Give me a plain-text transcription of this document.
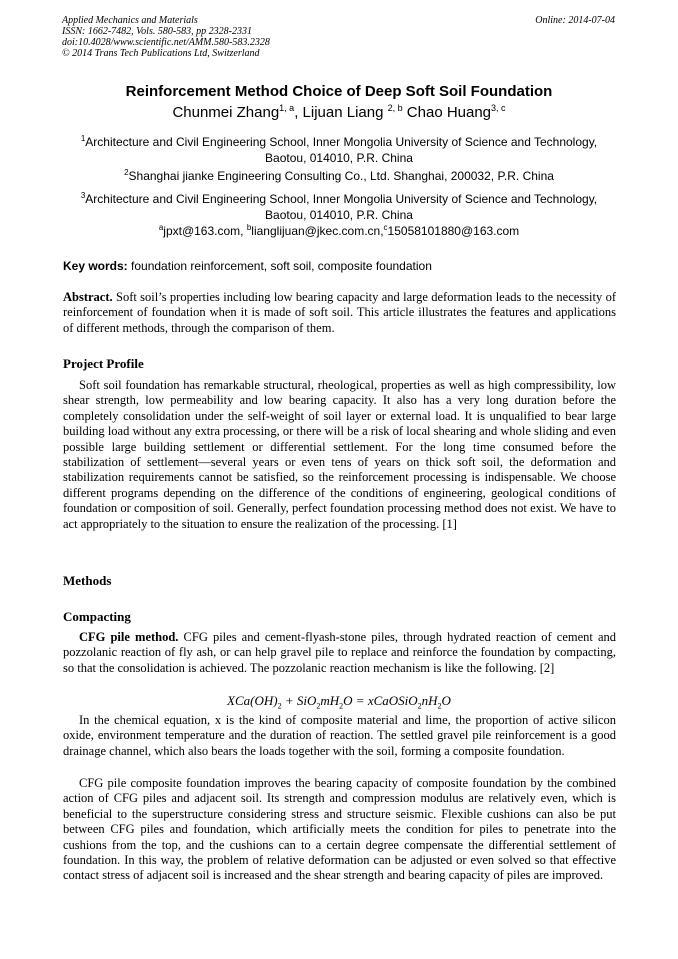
Applied Mechanics and Materials
ISSN: 1662-7482, Vols. 580-583, pp 2328-2331
doi:10.4028/www.scientific.net/AMM.580-583.2328
© 2014 Trans Tech Publications Ltd, Switzerland
Online: 2014-07-04
Reinforcement Method Choice of Deep Soft Soil Foundation
Chunmei Zhang$^{1, a}$, Lijuan Liang $^{2, b}$ Chao Huang$^{3, c}$
$^1$Architecture and Civil Engineering School, Inner Mongolia University of Science and Technology, Baotou, 014010, P.R. China
$^2$Shanghai jianke Engineering Consulting Co., Ltd. Shanghai, 200032, P.R. China
$^3$Architecture and Civil Engineering School, Inner Mongolia University of Science and Technology, Baotou, 014010, P.R. China
$^a$jpxt@163.com, $^b$lianglijuan@jkec.com.cn,$^c$15058101880@163.com
Key words: foundation reinforcement, soft soil, composite foundation
Abstract. Soft soil’s properties including low bearing capacity and large deformation leads to the necessity of reinforcement of foundation when it is made of soft soil. This article illustrates the features and applications of different methods, through the comparison of them.
Project Profile
Soft soil foundation has remarkable structural, rheological, properties as well as high compressibility, low shear strength, low permeability and low bearing capacity. It also has a very long duration before the completely consolidation under the self-weight of soil layer or external load. It is unqualified to bear large building load without any extra processing, or there will be a risk of local shearing and whole sliding and even possible large building settlement or differential settlement. For the long time consumed before the stabilization of settlement—several years or even tens of years on thick soft soil, the deformation and stabilization requirements cannot be satisfied, so the reinforcement processing is indispensable. We choose different programs depending on the difference of the conditions of engineering, geological conditions of foundation or composition of soil. Generally, perfect foundation processing method does not exist. We have to act appropriately to the situation to ensure the realization of the processing. [1]
Methods
Compacting
CFG pile method. CFG piles and cement-flyash-stone piles, through hydrated reaction of cement and pozzolanic reaction of fly ash, or can help gravel pile to replace and reinforce the foundation by compacting, so that the consolidation is achieved. The pozzolanic reaction mechanism is like the following. [2]
$XCa(OH)_2 + SiO_2mH_2O$ = $xCaOSiO_2nH_2O$
In the chemical equation, x is the kind of composite material and lime, the proportion of active silicon oxide, environment temperature and the duration of reaction. The settled gravel pile reinforcement is a good drainage channel, which also bears the loads together with the soil, forming a composite foundation.
CFG pile composite foundation improves the bearing capacity of composite foundation by the combined action of CFG piles and adjacent soil. Its strength and compression modulus are relatively even, which is beneficial to the superstructure considering stress and structure seismic. Flexible cushions can also be put between CFG piles and foundation, which artificially meets the condition for piles to penetrate into the cushions from the top, and the cushions can to a certain degree compensate the differential settlement of foundation. In this way, the problem of relative deformation can be adjusted or even solved so that effective contact stress of adjacent soil is increased and the shear strength and bearing capacity of piles are improved.
